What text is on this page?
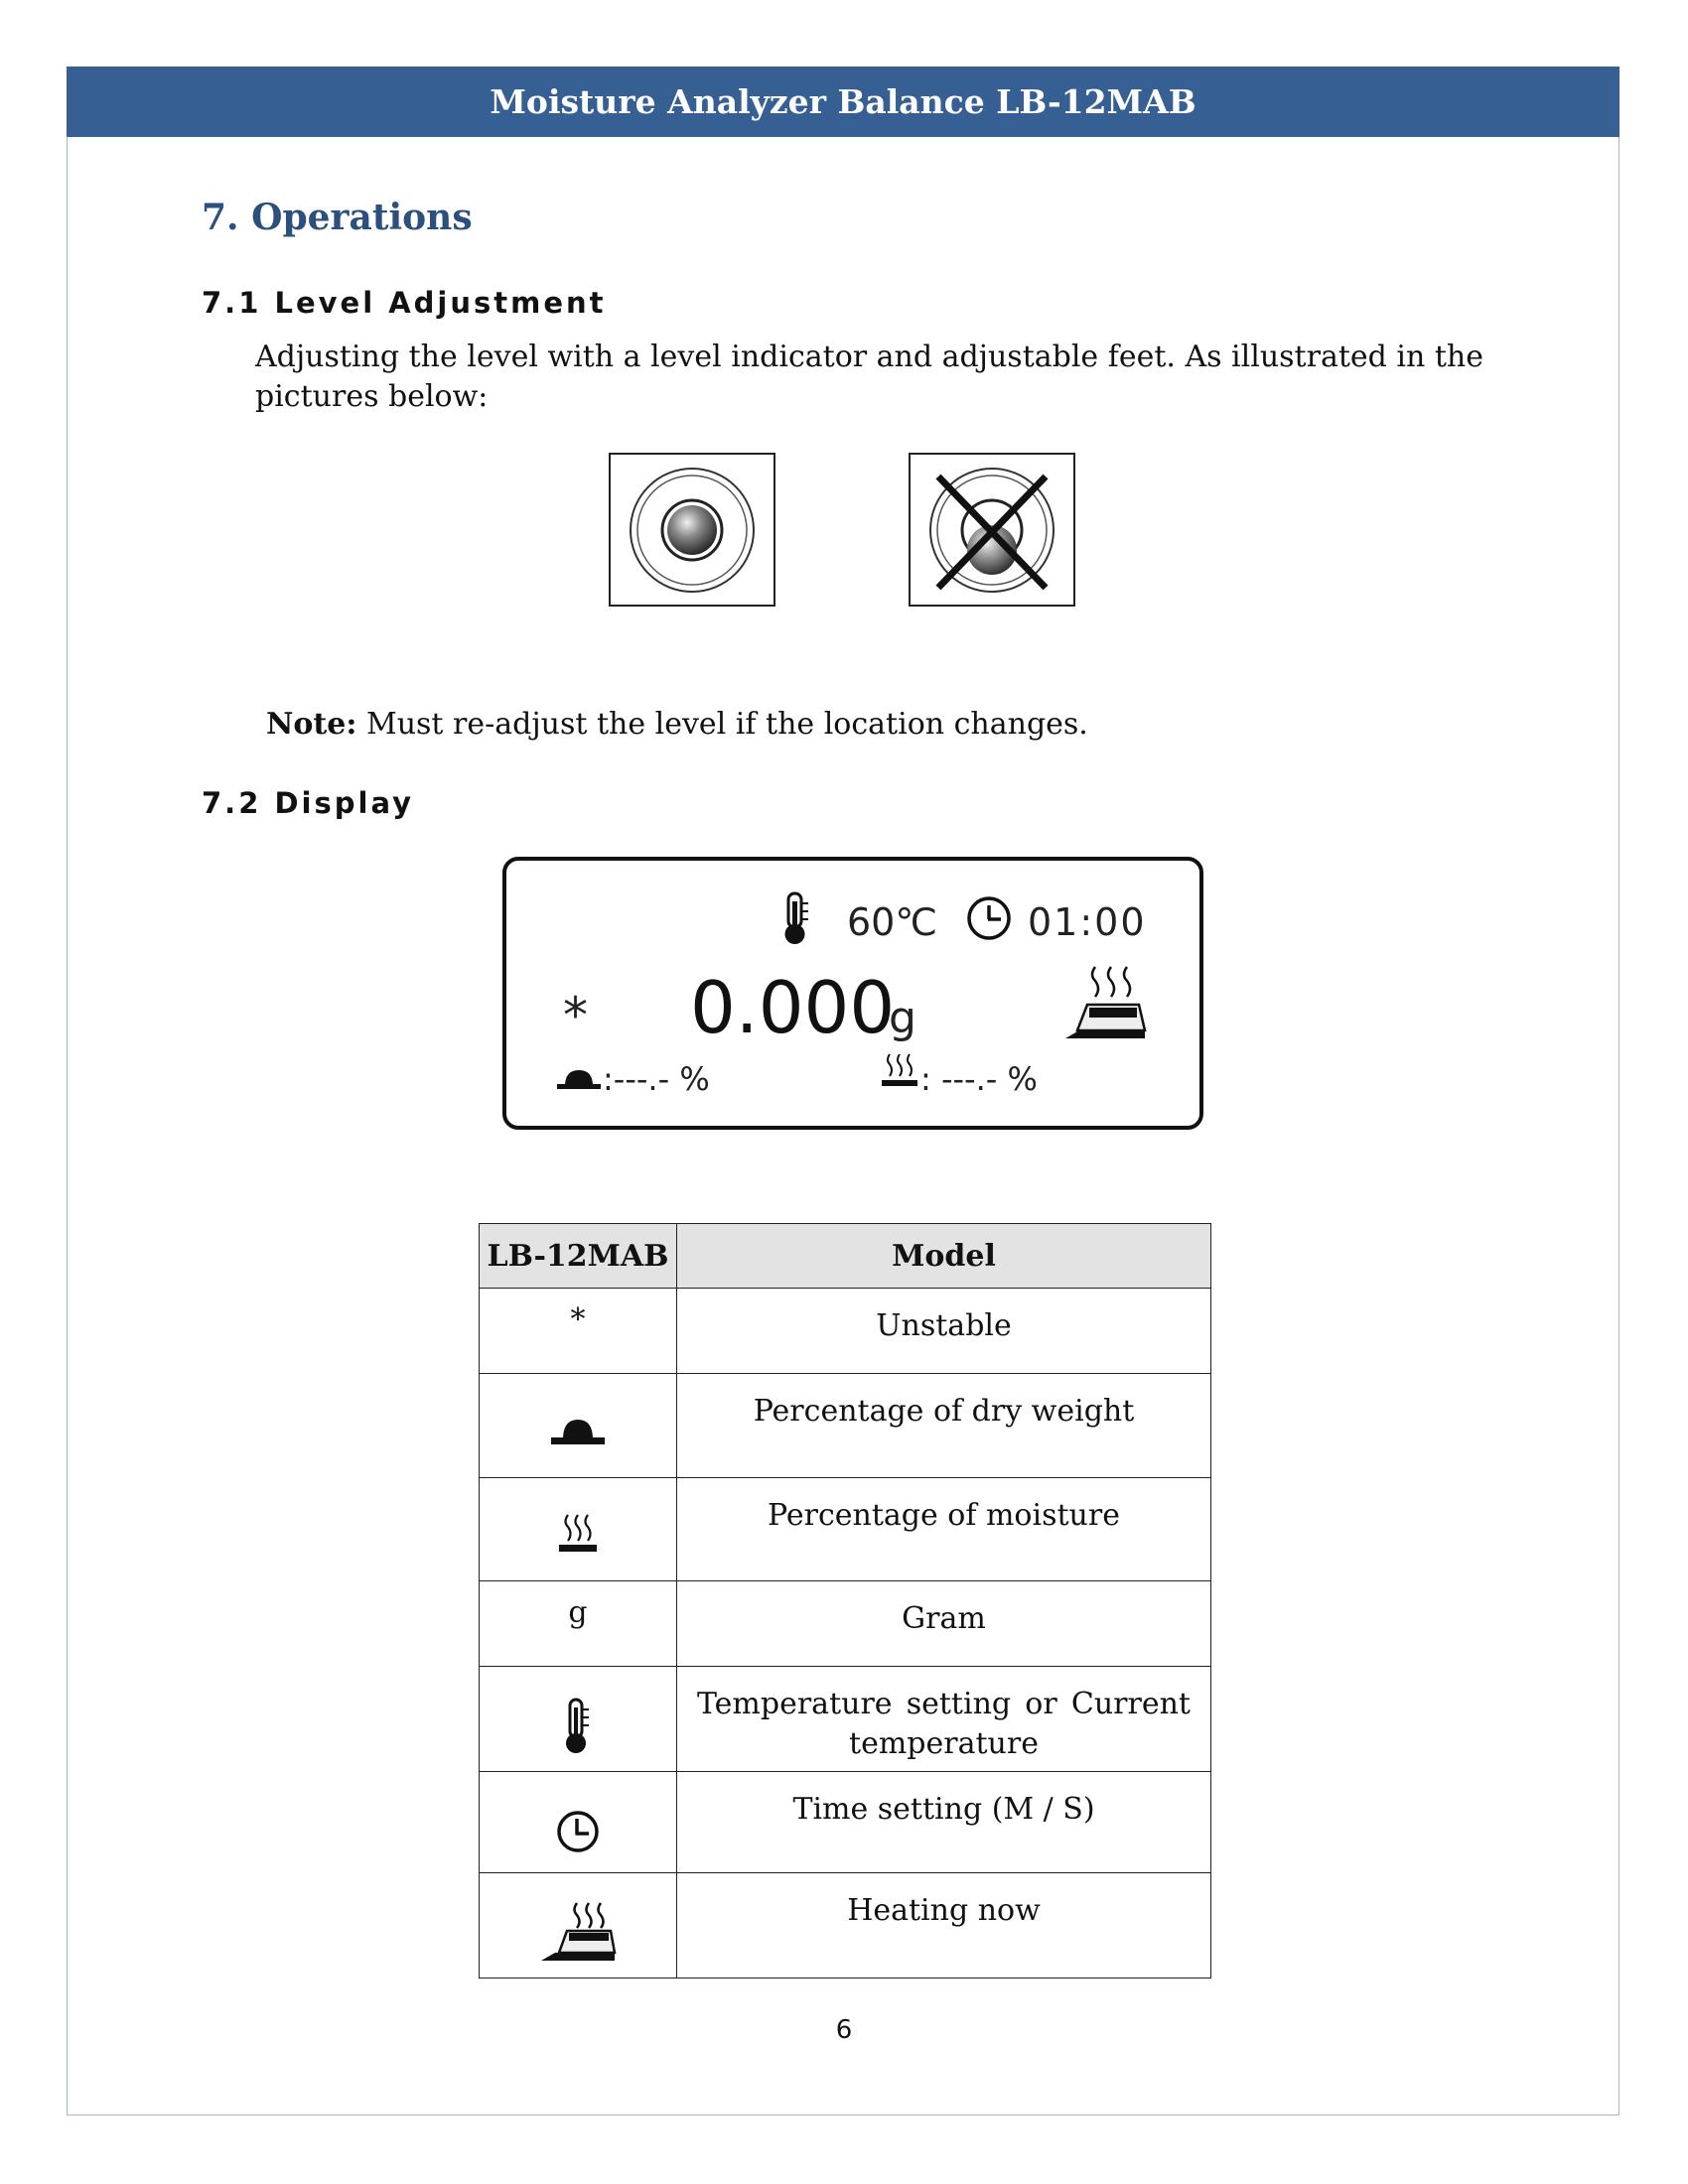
Moisture Analyzer Balance LB-12MAB
7. Operations
7.1 Level Adjustment
Adjusting the level with a level indicator and adjustable feet. As illustrated in the pictures below:
Note: Must re-adjust the level if the location changes.
7.2 Display
60℃ 01:00
* 0.000
g
:---.- %	: ---.- %
LB-12MAB	Model
*	Unstable
	Percentage of dry weight
	Percentage of moisture
g	Gram
	Temperature setting or Current temperature
	Time setting (M / S)
	Heating now
6
